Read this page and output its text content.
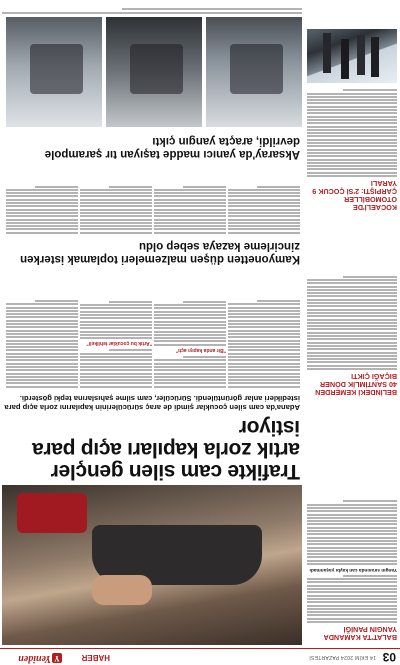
03
14 EKİM 2024 PAZARTESİ
HABER
YYeniden
BALAT'TA KAMANDA YANGIN PANİĞİ
Yangın sırasında can kaybı yaşanmadı
BELİNDEKİ KEMERDEN 40 SANTİMLİK DÖNER BIÇAĞI ÇIKTI
KOCAELİ'DE OTOMOBİLLER ÇARPIŞTI: 2'Sİ ÇOCUK 9 YARALI
Trafikte cam silen gençler artık zorla kapıları açıp para istiyor
Adana'da cam silen çocuklar şimdi de araç sürücülerinin kapılarını zorla açıp para istedikleri anlar görüntülendi. Sürücüler, cam silme şahıslarına tepki gösterdi.
"Bir anda kapıyı açtı"
"Artık bu çocuklar tehlikeli"
Kamyonetten düşen malzemeleri toplamak isterken zincirleme kazaya sebep oldu
Aksaray'da yanıcı madde taşıyan tır şarampole devrildi, araçta yangın çıktı
